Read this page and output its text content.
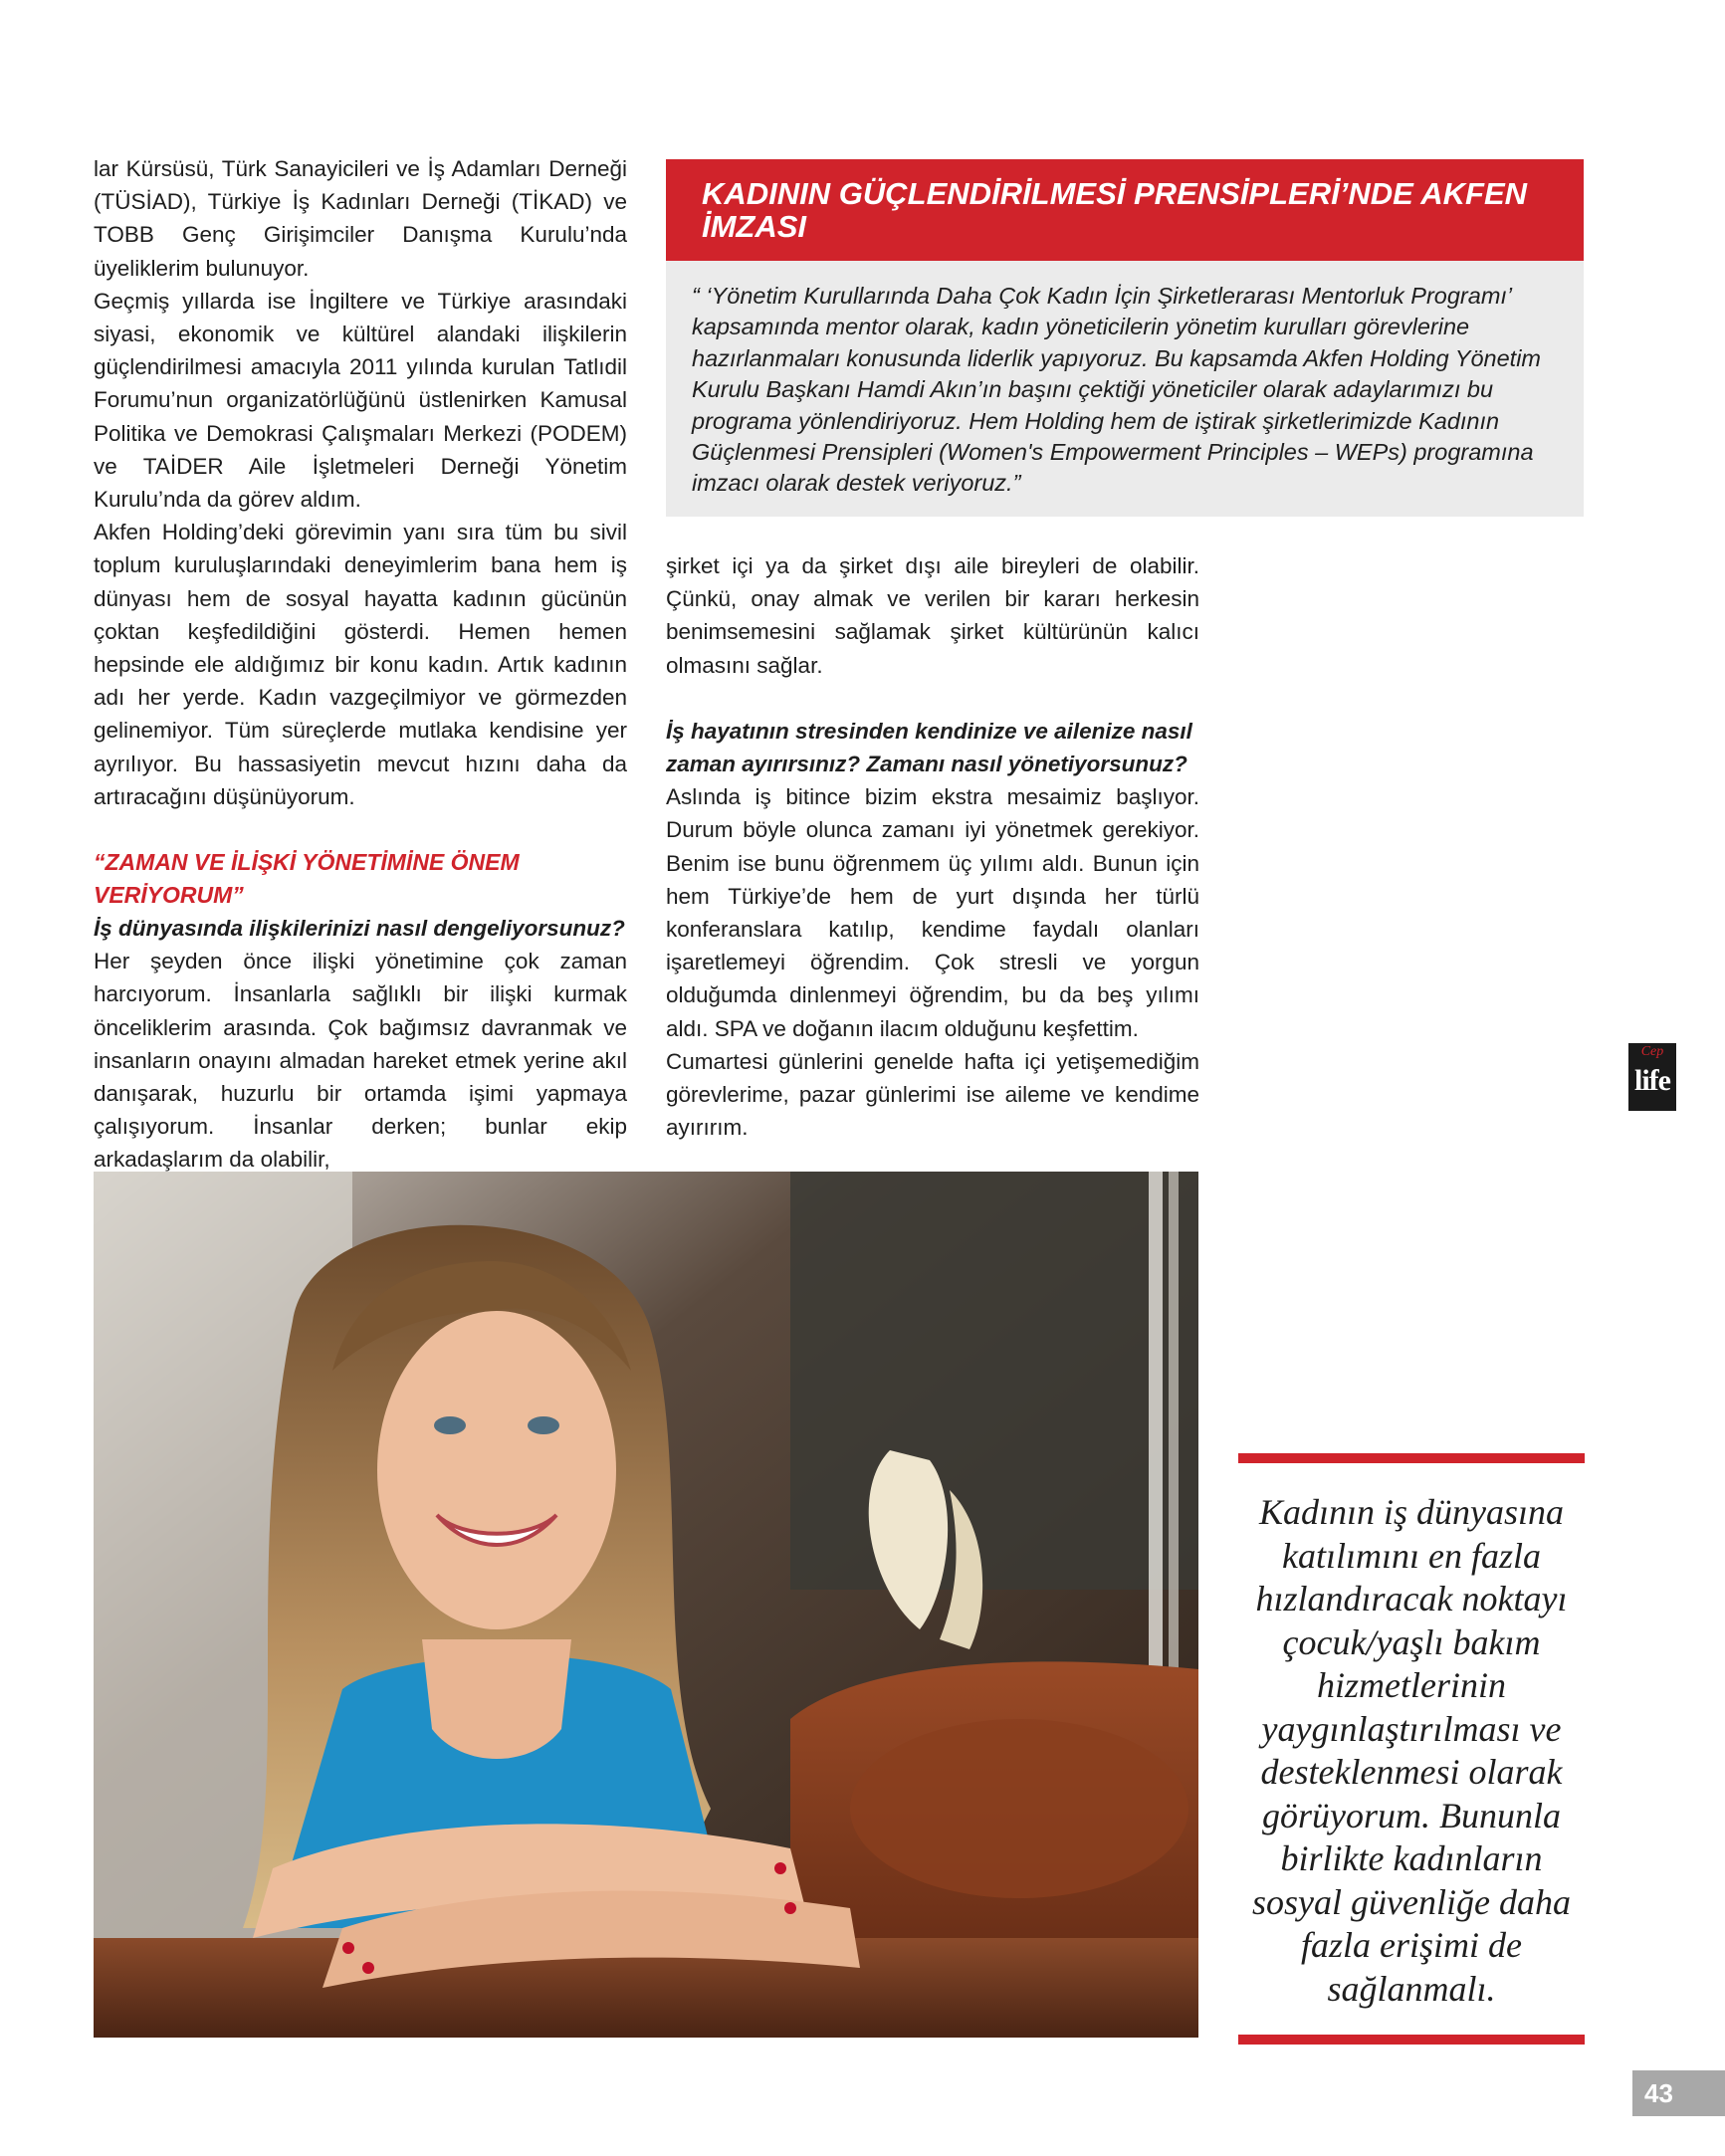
lar Kürsüsü, Türk Sanayicileri ve İş Adamları Derneği (TÜSİAD), Türkiye İş Kadınları Derneği (TİKAD) ve TOBB Genç Girişimciler Danışma Kurulu’nda üyeliklerim bulunuyor.

Geçmiş yıllarda ise İngiltere ve Türkiye arasındaki siyasi, ekonomik ve kültürel alandaki ilişkilerin güçlendirilmesi amacıyla 2011 yılında kurulan Tatlıdil Forumu’nun organizatörlüğünü üstlenirken Kamusal Politika ve Demokrasi Çalışmaları Merkezi (PODEM) ve TAİDER Aile İşletmeleri Derneği Yönetim Kurulu’nda da görev aldım.

Akfen Holding’deki görevimin yanı sıra tüm bu sivil toplum kuruluşlarındaki deneyimlerim bana hem iş dünyası hem de sosyal hayatta kadının gücünün çoktan keşfedildiğini gösterdi. Hemen hemen hepsinde ele aldığımız bir konu kadın. Artık kadının adı her yerde. Kadın vazgeçilmiyor ve görmezden gelinemiyor. Tüm süreçlerde mutlaka kendisine yer ayrılıyor. Bu hassasiyetin mevcut hızını daha da artıracağını düşünüyorum.

“ZAMAN VE İLİŞKİ YÖNETİMİNE ÖNEM VERİYORUM”

İş dünyasında ilişkilerinizi nasıl dengeliyorsunuz?

Her şeyden önce ilişki yönetimine çok zaman harcıyorum. İnsanlarla sağlıklı bir ilişki kurmak önceliklerim arasında. Çok bağımsız davranmak ve insanların onayını almadan hareket etmek yerine akıl danışarak, huzurlu bir ortamda işimi yapmaya çalışıyorum. İnsanlar derken; bunlar ekip arkadaşlarım da olabilir,

KADININ GÜÇLENDİRİLMESİ PRENSİPLERİ’NDE AKFEN İMZASI
“ ‘Yönetim Kurullarında Daha Çok Kadın İçin Şirketlerarası Mentorluk Programı’ kapsamında mentor olarak, kadın yöneticilerin yönetim kurulları görevlerine hazırlanmaları konusunda liderlik yapıyoruz. Bu kapsamda Akfen Holding Yönetim Kurulu Başkanı Hamdi Akın’ın başını çektiği yöneticiler olarak adaylarımızı bu programa yönlendiriyoruz. Hem Holding hem de iştirak şirketlerimizde Kadının Güçlenmesi Prensipleri (Women's Empowerment Principles – WEPs) programına imzacı olarak destek veriyoruz.”

şirket içi ya da şirket dışı aile bireyleri de olabilir. Çünkü, onay almak ve verilen bir kararı herkesin benimsemesini sağlamak şirket kültürünün kalıcı olmasını sağlar.

İş hayatının stresinden kendinize ve ailenize nasıl zaman ayırırsınız? Zamanı nasıl yönetiyorsunuz?

Aslında iş bitince bizim ekstra mesaimiz başlıyor. Durum böyle olunca zamanı iyi yönetmek gerekiyor. Benim ise bunu öğrenmem üç yılımı aldı. Bunun için hem Türkiye’de hem de yurt dışında her türlü konferanslara katılıp, kendime faydalı olanları işaretlemeyi öğrendim. Çok stresli ve yorgun olduğumda dinlenmeyi öğrendim, bu da beş yılımı aldı. SPA ve doğanın ilacım olduğunu keşfettim.

Cumartesi günlerini genelde hafta içi yetişemediğim görevlerime, pazar günlerimi ise aileme ve kendime ayırırım.

Kadının iş dünyasına katılımını en fazla hızlandıracak noktayı çocuk/yaşlı bakım hizmetlerinin yaygınlaştırılması ve desteklenmesi olarak görüyorum. Bununla birlikte kadınların sosyal güvenliğe daha fazla erişimi de sağlanmalı.
Cep
life
43
